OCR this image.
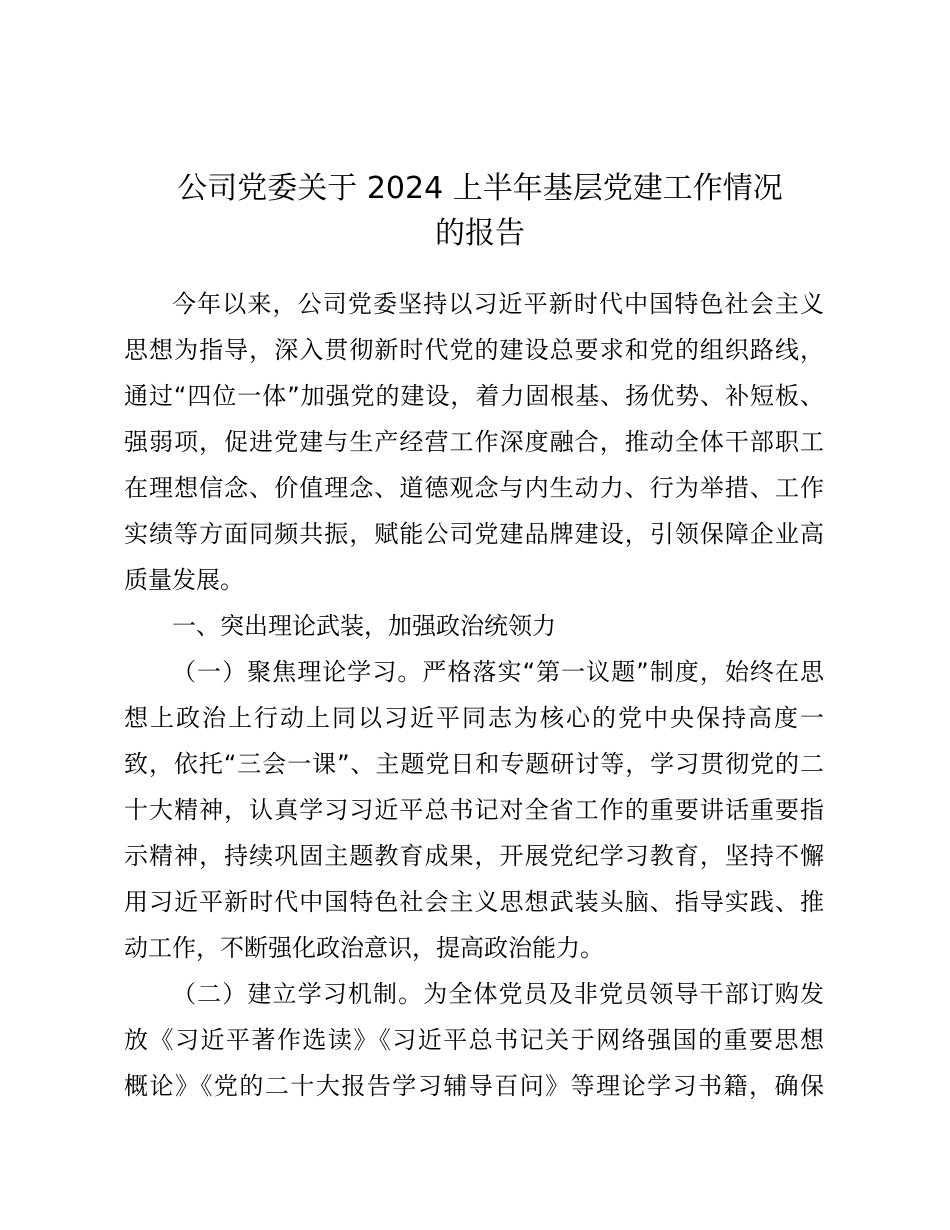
公司党委关于 2024 上半年基层党建工作情况
的报告
今年以来，公司党委坚持以习近平新时代中国特色社会主义
思想为指导，深入贯彻新时代党的建设总要求和党的组织路线，
通过“四位一体”加强党的建设，着力固根基、扬优势、补短板、
强弱项，促进党建与生产经营工作深度融合，推动全体干部职工
在理想信念、价值理念、道德观念与内生动力、行为举措、工作
实绩等方面同频共振，赋能公司党建品牌建设，引领保障企业高
质量发展。
一、突出理论武装，加强政治统领力
（一）聚焦理论学习。严格落实“第一议题”制度，始终在思
想上政治上行动上同以习近平同志为核心的党中央保持高度一
致，依托“三会一课”、主题党日和专题研讨等，学习贯彻党的二
十大精神，认真学习习近平总书记对全省工作的重要讲话重要指
示精神，持续巩固主题教育成果，开展党纪学习教育，坚持不懈
用习近平新时代中国特色社会主义思想武装头脑、指导实践、推
动工作，不断强化政治意识，提高政治能力。
（二）建立学习机制。为全体党员及非党员领导干部订购发
放《习近平著作选读》《习近平总书记关于网络强国的重要思想
概论》《党的二十大报告学习辅导百问》等理论学习书籍，确保
